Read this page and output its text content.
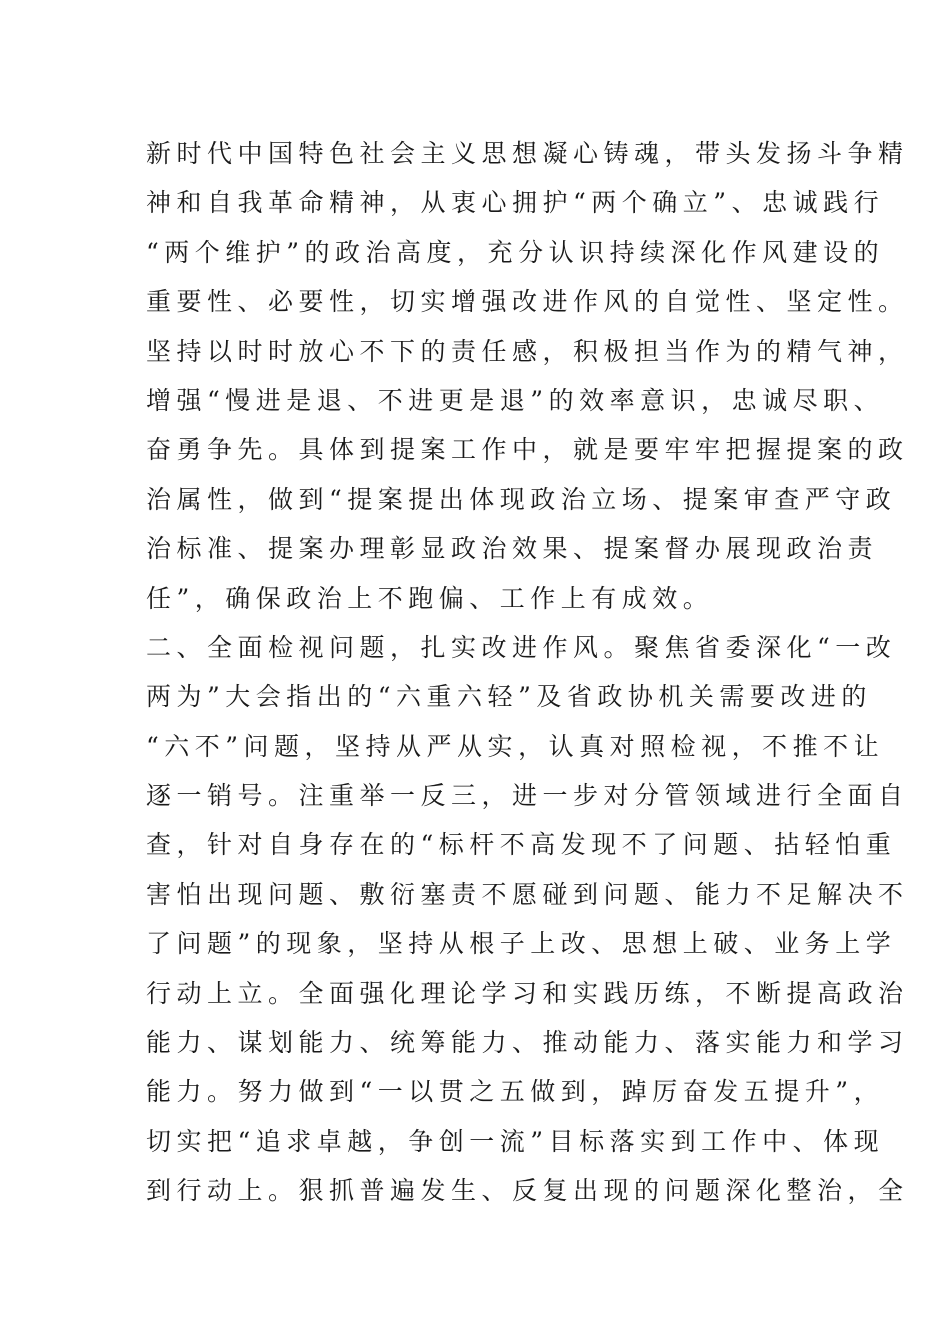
新时代中国特色社会主义思想凝心铸魂，带头发扬斗争精
神和自我革命精神，从衷心拥护“两个确立”、忠诚践行
“两个维护”的政治高度，充分认识持续深化作风建设的
重要性、必要性，切实增强改进作风的自觉性、坚定性。
坚持以时时放心不下的责任感，积极担当作为的精气神，
增强“慢进是退、不进更是退”的效率意识，忠诚尽职、
奋勇争先。具体到提案工作中，就是要牢牢把握提案的政
治属性，做到“提案提出体现政治立场、提案审查严守政
治标准、提案办理彰显政治效果、提案督办展现政治责
任”，确保政治上不跑偏、工作上有成效。
二、全面检视问题，扎实改进作风。聚焦省委深化“一改
两为”大会指出的“六重六轻”及省政协机关需要改进的
“六不”问题，坚持从严从实，认真对照检视，不推不让
逐一销号。注重举一反三，进一步对分管领域进行全面自
查，针对自身存在的“标杆不高发现不了问题、拈轻怕重
害怕出现问题、敷衍塞责不愿碰到问题、能力不足解决不
了问题”的现象，坚持从根子上改、思想上破、业务上学
行动上立。全面强化理论学习和实践历练，不断提高政治
能力、谋划能力、统筹能力、推动能力、落实能力和学习
能力。努力做到“一以贯之五做到，踔厉奋发五提升”，
切实把“追求卓越，争创一流”目标落实到工作中、体现
到行动上。狠抓普遍发生、反复出现的问题深化整治，全
